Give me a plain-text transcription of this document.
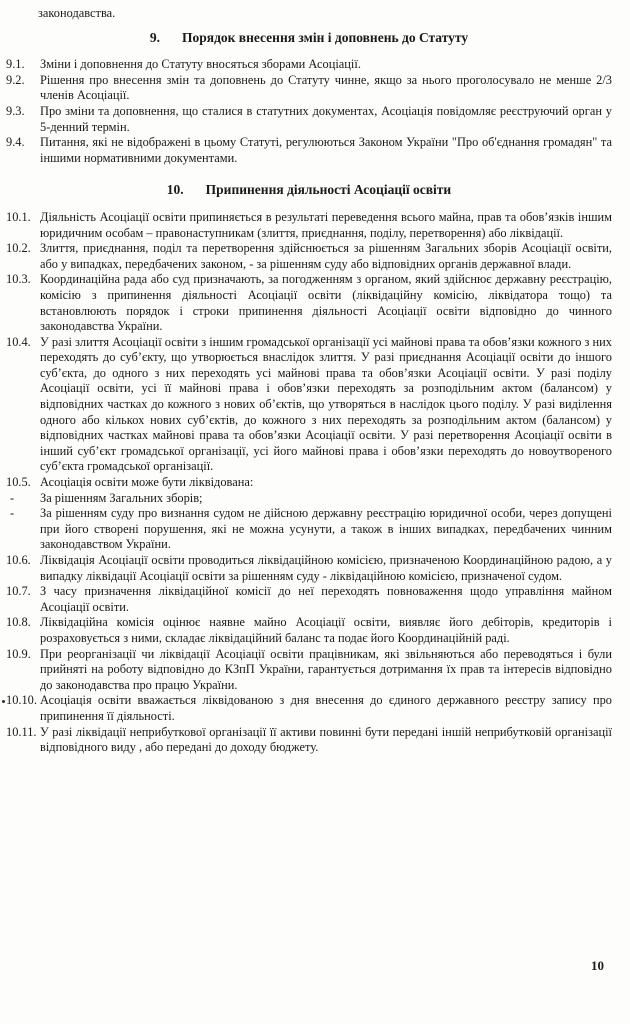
законодавства.

9. Порядок внесення змін і доповнень до Статуту

9.1. Зміни і доповнення до Статуту вносяться зборами Асоціації.

9.2. Рішення про внесення змін та доповнень до Статуту чинне, якщо за нього проголосувало не менше 2/3 членів Асоціації.

9.3. Про зміни та доповнення, що сталися в статутних документах, Асоціація повідомляє реєструючий орган у 5-денний термін.

9.4. Питання, які не відображені в цьому Статуті, регулюються Законом України "Про об'єднання громадян" та іншими нормативними документами.

10. Припинення діяльності Асоціації освіти

10.1. Діяльність Асоціації освіти припиняється в результаті переведення всього майна, прав та обов’язків іншим юридичним особам – правонаступникам (злиття, приєднання, поділу, перетворення) або ліквідації.

10.2. Злиття, приєднання, поділ та перетворення здійснюється за рішенням Загальних зборів Асоціації освіти, або у випадках, передбачених законом, - за рішенням суду або відповідних органів державної влади.

10.3. Координаційна рада або суд призначають, за погодженням з органом, який здійснює державну реєстрацію, комісію з припинення діяльності Асоціації освіти (ліквідаційну комісію, ліквідатора тощо) та встановлюють порядок і строки припинення діяльності Асоціації освіти відповідно до чинного законодавства України.

10.4. У разі злиття Асоціації освіти з іншим громадської організації усі майнові права та обов’язки кожного з них переходять до суб’єкту, що утворюється внаслідок злиття. У разі приєднання Асоціації освіти до іншого суб’єкта, до одного з них переходять усі майнові права та обов’язки Асоціації освіти. У разі поділу Асоціації освіти, усі її майнові права і обов’язки переходять за розподільним актом (балансом) у відповідних частках до кожного з нових об’єктів, що утворяться в наслідок цього поділу. У разі виділення одного або кількох нових суб’єктів, до кожного з них переходять за розподільним актом (балансом) у відповідних частках майнові права та обов’язки Асоціації освіти. У разі перетворення Асоціації освіти в інший суб’єкт громадської організації, усі його майнові права і обов’язки переходять до новоутвореного суб’єкта громадської організації.

10.5. Асоціація освіти може бути ліквідована:

- За рішенням Загальних зборів;

- За рішенням суду про визнання судом не дійсною державну реєстрацію юридичної особи, через допущені при його створені порушення, які не можна усунути, а також в інших випадках, передбачених чинним законодавством України.

10.6. Ліквідація Асоціації освіти проводиться ліквідаційною комісією, призначеною Координаційною радою, а у випадку ліквідації Асоціації освіти за рішенням суду - ліквідаційною комісією, призначеної судом.

10.7. З часу призначення ліквідаційної комісії до неї переходять повноваження щодо управління майном Асоціації освіти.

10.8. Ліквідаційна комісія оцінює наявне майно Асоціації освіти, виявляє його дебіторів, кредиторів і розраховується з ними, складає ліквідаційний баланс та подає його Координаційній раді.

10.9. При реорганізації чи ліквідації Асоціації освіти працівникам, які звільняються або переводяться і були прийняті на роботу відповідно до КЗпП України, гарантується дотримання їх прав та інтересів відповідно до законодавства про працю України.

10.10. Асоціація освіти вважається ліквідованою з дня внесення до єдиного державного реєстру запису про припинення її діяльності.

10.11. У разі ліквідації неприбуткової організації її активи повинні бути передані іншій неприбутковій організації відповідного виду , або передані до доходу бюджету.

10
